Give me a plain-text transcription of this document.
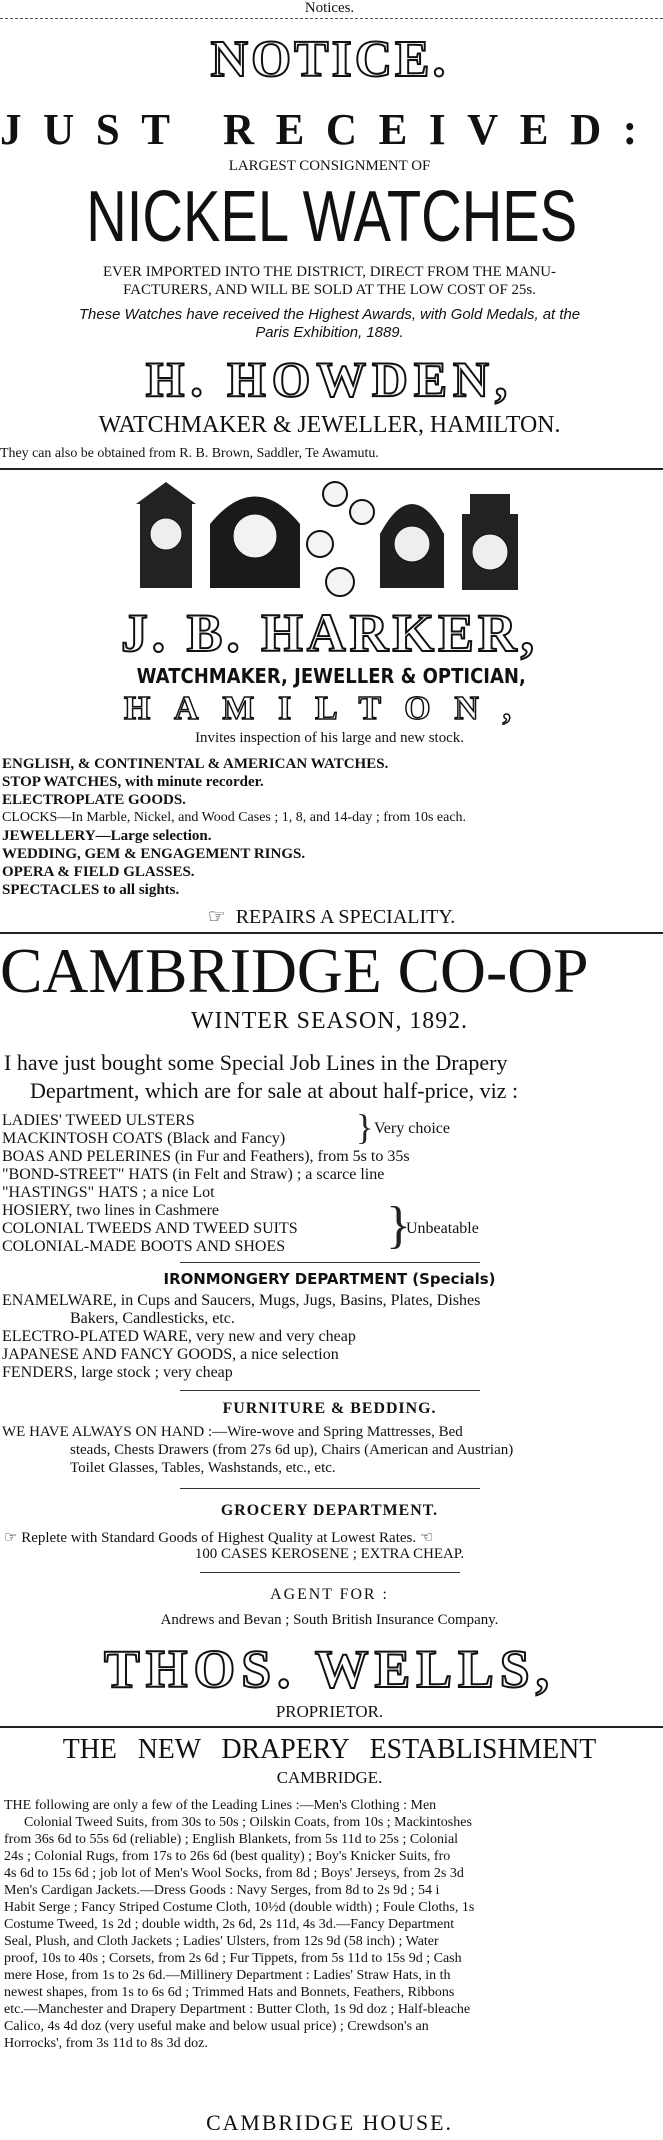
Notices.
NOTICE.
JUST RECEIVED:
LARGEST CONSIGNMENT OF
NICKEL WATCHES
EVER IMPORTED INTO THE DISTRICT, DIRECT FROM THE MANU-
FACTURERS, AND WILL BE SOLD AT THE LOW COST OF 25s.
These Watches have received the Highest Awards, with Gold Medals, at the
Paris Exhibition, 1889.
H. HOWDEN,
WATCHMAKER & JEWELLER, HAMILTON.
They can also be obtained from R. B. Brown, Saddler, Te Awamutu.
J. B. HARKER,
WATCHMAKER, JEWELLER & OPTICIAN,
HAMILTON,
Invites inspection of his large and new stock.
ENGLISH, & CONTINENTAL & AMERICAN WATCHES.
STOP WATCHES, with minute recorder.
ELECTROPLATE GOODS.
CLOCKS—In Marble, Nickel, and Wood Cases ; 1, 8, and 14-day ; from 10s each.
JEWELLERY—Large selection.
WEDDING, GEM & ENGAGEMENT RINGS.
OPERA & FIELD GLASSES.
SPECTACLES to all sights.
☞ REPAIRS A SPECIALITY.
CAMBRIDGE CO-OP
WINTER SEASON, 1892.
I have just bought some Special Job Lines in the Drapery
Department, which are for sale at about half-price, viz :
LADIES' TWEED ULSTERS
MACKINTOSH COATS (Black and Fancy) } Very choice
BOAS AND PELERINES (in Fur and Feathers), from 5s to 35s
"BOND-STREET" HATS (in Felt and Straw) ; a scarce line
"HASTINGS" HATS ; a nice Lot
HOSIERY, two lines in Cashmere
COLONIAL TWEEDS AND TWEED SUITS
COLONIAL-MADE BOOTS AND SHOES }
Unbeatable
IRONMONGERY DEPARTMENT (Specials)
ENAMELWARE, in Cups and Saucers, Mugs, Jugs, Basins, Plates, Dishes
Bakers, Candlesticks, etc.
ELECTRO-PLATED WARE, very new and very cheap
JAPANESE AND FANCY GOODS, a nice selection
FENDERS, large stock ; very cheap
FURNITURE & BEDDING.
WE HAVE ALWAYS ON HAND :—Wire-wove and Spring Mattresses, Bed
steads, Chests Drawers (from 27s 6d up), Chairs (American and Austrian)
Toilet Glasses, Tables, Washstands, etc., etc.
GROCERY DEPARTMENT.
☞ Replete with Standard Goods of Highest Quality at Lowest Rates. ☜
100 CASES KEROSENE ; EXTRA CHEAP.
AGENT FOR :
Andrews and Bevan ; South British Insurance Company.
THOS. WELLS,
PROPRIETOR.
THE NEW DRAPERY ESTABLISHMENT
CAMBRIDGE.
THE following are only a few of the Leading Lines :—Men's Clothing : Men
Colonial Tweed Suits, from 30s to 50s ; Oilskin Coats, from 10s ; Mackintoshes
from 36s 6d to 55s 6d (reliable) ; English Blankets, from 5s 11d to 25s ; Colonial
24s ; Colonial Rugs, from 17s to 26s 6d (best quality) ; Boy's Knicker Suits, fro
4s 6d to 15s 6d ; job lot of Men's Wool Socks, from 8d ; Boys' Jerseys, from 2s 3d
Men's Cardigan Jackets.—Dress Goods : Navy Serges, from 8d to 2s 9d ; 54 i
Habit Serge ; Fancy Striped Costume Cloth, 10½d (double width) ; Foule Cloths, 1s
Costume Tweed, 1s 2d ; double width, 2s 6d, 2s 11d, 4s 3d.—Fancy Department
Seal, Plush, and Cloth Jackets ; Ladies' Ulsters, from 12s 9d (58 inch) ; Water
proof, 10s to 40s ; Corsets, from 2s 6d ; Fur Tippets, from 5s 11d to 15s 9d ; Cash
mere Hose, from 1s to 2s 6d.—Millinery Department : Ladies' Straw Hats, in th
newest shapes, from 1s to 6s 6d ; Trimmed Hats and Bonnets, Feathers, Ribbons
etc.—Manchester and Drapery Department : Butter Cloth, 1s 9d doz ; Half-bleache
Calico, 4s 4d doz (very useful make and below usual price) ; Crewdson's an
Horrocks', from 3s 11d to 8s 3d doz.
CAMBRIDGE HOUSE.
